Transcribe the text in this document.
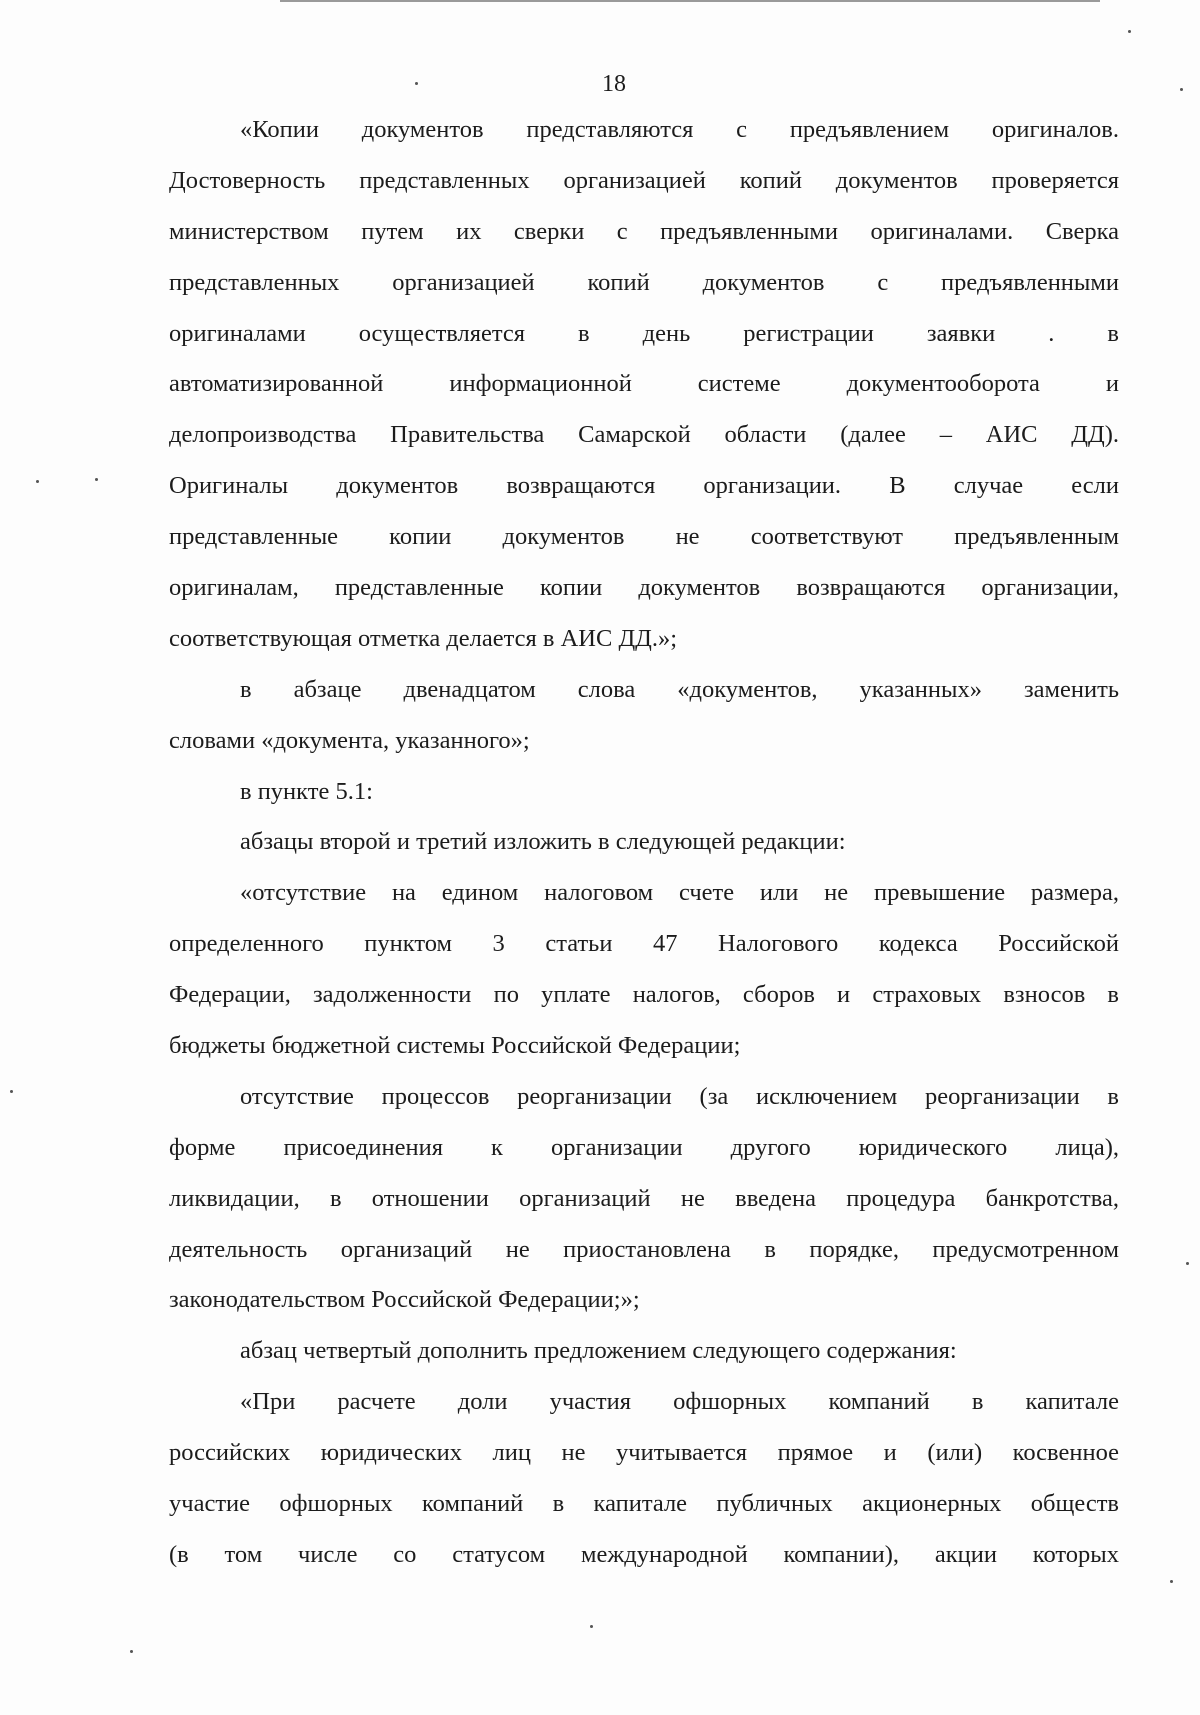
18
«Копии документов представляются с предъявлением оригиналов.
Достоверность представленных организацией копий документов проверяется
министерством путем их сверки с предъявленными оригиналами. Сверка
представленных организацией копий документов с предъявленными
оригиналами осуществляется в день регистрации заявки . в
автоматизированной информационной системе документооборота и
делопроизводства Правительства Самарской области (далее – АИС ДД).
Оригиналы документов возвращаются организации. В случае если
представленные копии документов не соответствуют предъявленным
оригиналам, представленные копии документов возвращаются организации,
соответствующая отметка делается в АИС ДД.»;
в абзаце двенадцатом слова «документов, указанных» заменить
словами «документа, указанного»;
в пункте 5.1:
абзацы второй и третий изложить в следующей редакции:
«отсутствие на едином налоговом счете или не превышение размера,
определенного пунктом 3 статьи 47 Налогового кодекса Российской
Федерации, задолженности по уплате налогов, сборов и страховых взносов в
бюджеты бюджетной системы Российской Федерации;
отсутствие процессов реорганизации (за исключением реорганизации в
форме присоединения к организации другого юридического лица),
ликвидации, в отношении организаций не введена процедура банкротства,
деятельность организаций не приостановлена в порядке, предусмотренном
законодательством Российской Федерации;»;
абзац четвертый дополнить предложением следующего содержания:
«При расчете доли участия офшорных компаний в капитале
российских юридических лиц не учитывается прямое и (или) косвенное
участие офшорных компаний в капитале публичных акционерных обществ
(в том числе со статусом международной компании), акции которых
